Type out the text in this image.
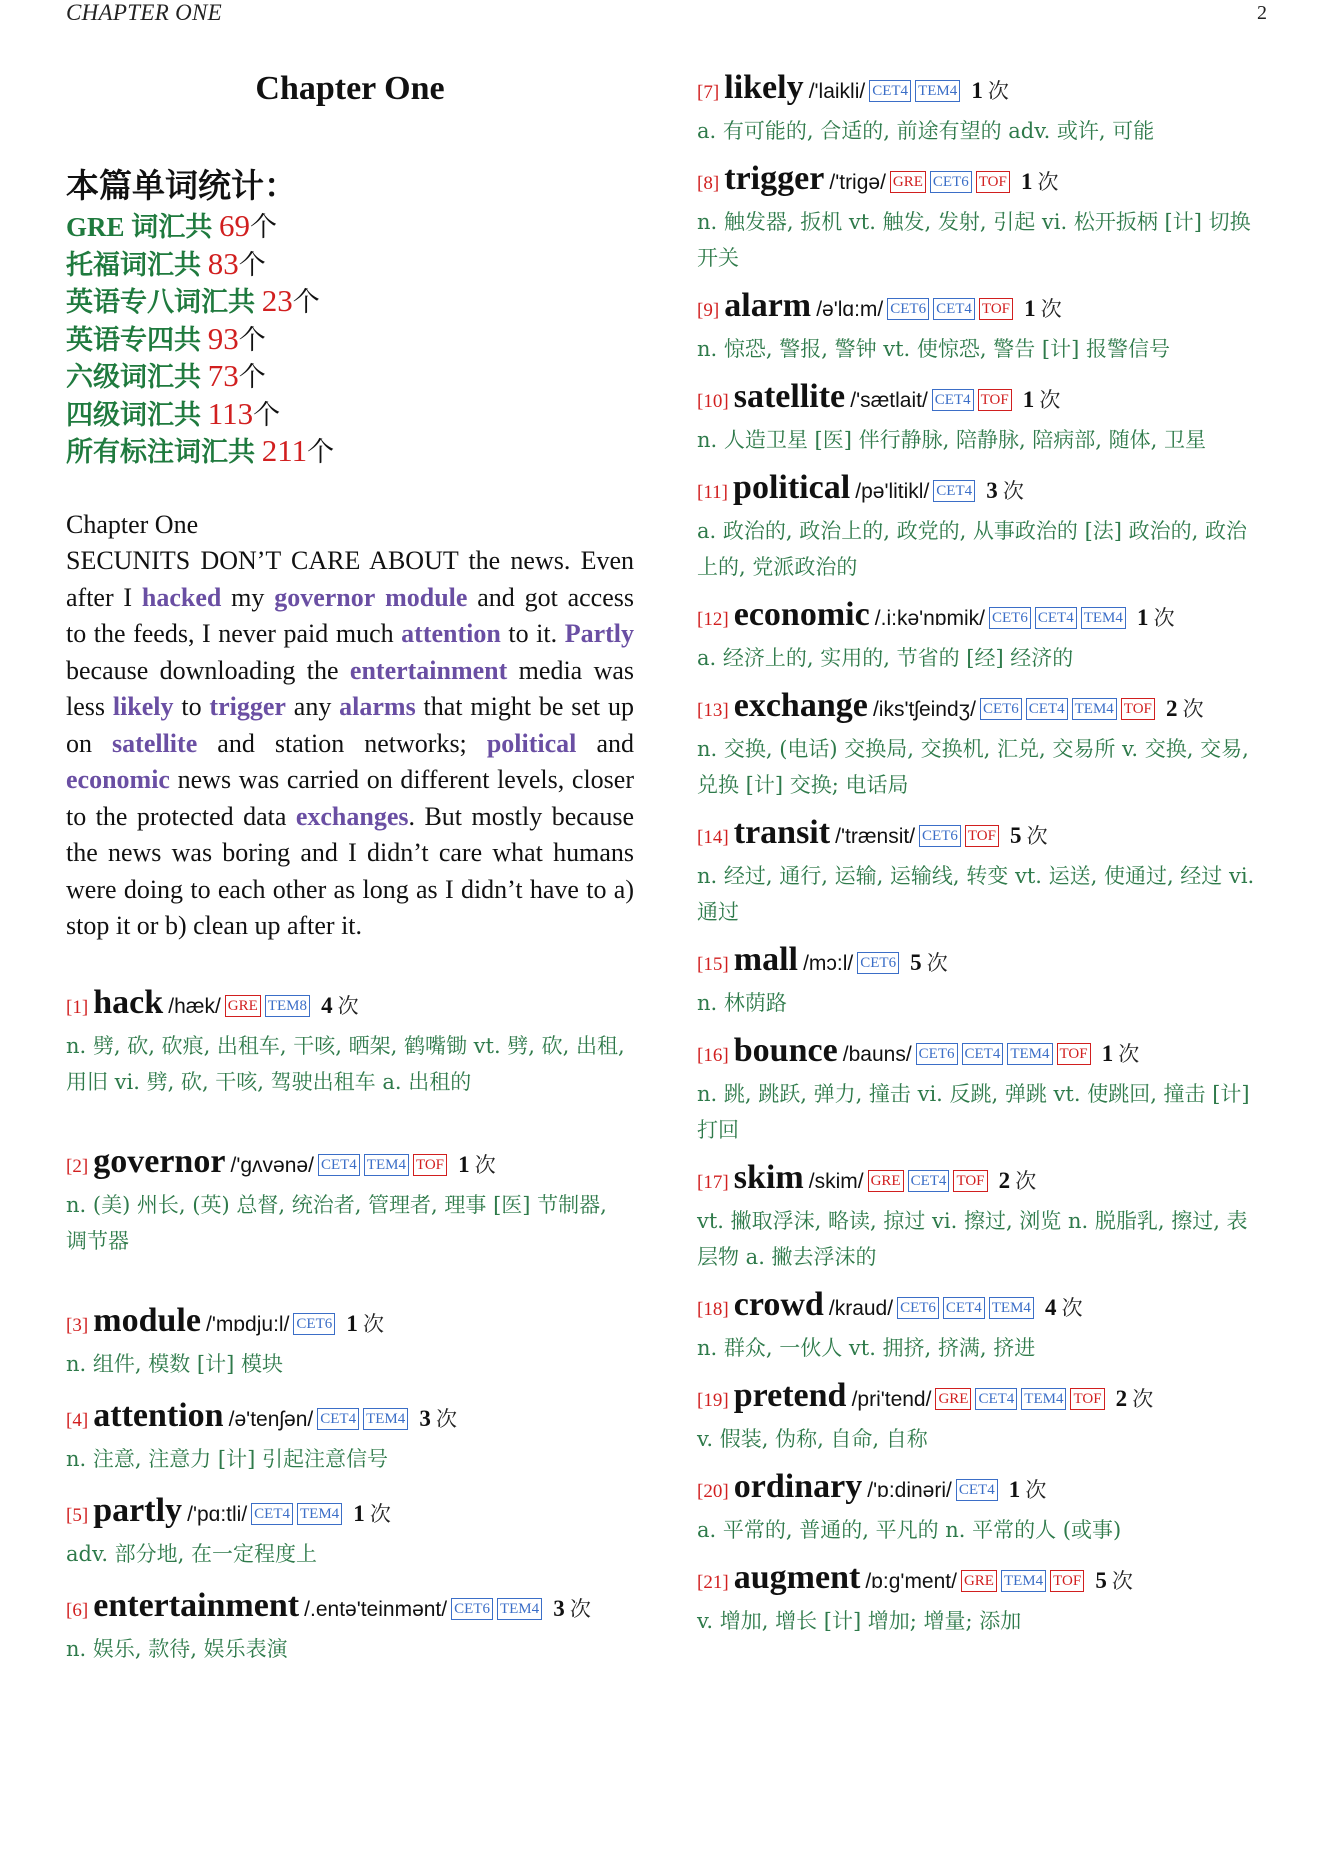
CHAPTER ONE	2
Chapter One
本篇单词统计：
GRE 词汇共 69个
托福词汇共 83个
英语专八词汇共 23个
英语专四共 93个
六级词汇共 73个
四级词汇共 113个
所有标注词汇共 211个
Chapter One
SECUNITS DON’T CARE ABOUT the news. Even after I hacked my governor module and got access to the feeds, I never paid much attention to it. Partly because downloading the entertainment media was less likely to trigger any alarms that might be set up on satellite and station networks; political and economic news was carried on different levels, closer to the protected data exchanges. But mostly because the news was boring and I didn’t care what humans were doing to each other as long as I didn’t have to a) stop it or b) clean up after it.
[1] hack /hæk/ GRE TEM8 4 次
n. 劈, 砍, 砍痕, 出租车, 干咳, 晒架, 鹤嘴锄 vt. 劈, 砍, 出租, 用旧 vi. 劈, 砍, 干咳, 驾驶出租车 a. 出租的
[2] governor /'gʌvənə/ CET4 TEM4 TOF 1 次
n. (美) 州长, (英) 总督, 统治者, 管理者, 理事 [医] 节制器, 调节器
[3] module /'mɒdju:l/ CET6 1 次
n. 组件, 模数 [计] 模块
[4] attention /ə'tenʃən/ CET4 TEM4 3 次
n. 注意, 注意力 [计] 引起注意信号
[5] partly /'pɑ:tli/ CET4 TEM4 1 次
adv. 部分地, 在一定程度上
[6] entertainment /.entə'teinmənt/ CET6 TEM4 3 次
n. 娱乐, 款待, 娱乐表演
[7] likely /'laikli/ CET4 TEM4 1 次
a. 有可能的, 合适的, 前途有望的 adv. 或许, 可能
[8] trigger /'trigə/ GRE CET6 TOF 1 次
n. 触发器, 扳机 vt. 触发, 发射, 引起 vi. 松开扳柄 [计] 切换开关
[9] alarm /ə'lɑ:m/ CET6 CET4 TOF 1 次
n. 惊恐, 警报, 警钟 vt. 使惊恐, 警告 [计] 报警信号
[10] satellite /'sætlait/ CET4 TOF 1 次
n. 人造卫星 [医] 伴行静脉, 陪静脉, 陪病部, 随体, 卫星
[11] political /pə'litikl/ CET4 3 次
a. 政治的, 政治上的, 政党的, 从事政治的 [法] 政治的, 政治上的, 党派政治的
[12] economic /.i:kə'nɒmik/ CET6 CET4 TEM4 1 次
a. 经济上的, 实用的, 节省的 [经] 经济的
[13] exchange /iks'tʃeindʒ/ CET6 CET4 TEM4 TOF 2 次
n. 交换, (电话) 交换局, 交换机, 汇兑, 交易所 v. 交换, 交易, 兑换 [计] 交换; 电话局
[14] transit /'trænsit/ CET6 TOF 5 次
n. 经过, 通行, 运输, 运输线, 转变 vt. 运送, 使通过, 经过 vi. 通过
[15] mall /mɔ:l/ CET6 5 次
n. 林荫路
[16] bounce /bauns/ CET6 CET4 TEM4 TOF 1 次
n. 跳, 跳跃, 弹力, 撞击 vi. 反跳, 弹跳 vt. 使跳回, 撞击 [计] 打回
[17] skim /skim/ GRE CET4 TOF 2 次
vt. 撇取浮沫, 略读, 掠过 vi. 擦过, 浏览 n. 脱脂乳, 擦过, 表层物 a. 撇去浮沫的
[18] crowd /kraud/ CET6 CET4 TEM4 4 次
n. 群众, 一伙人 vt. 拥挤, 挤满, 挤进
[19] pretend /pri'tend/ GRE CET4 TEM4 TOF 2 次
v. 假装, 伪称, 自命, 自称
[20] ordinary /'ɒ:dinəri/ CET4 1 次
a. 平常的, 普通的, 平凡的 n. 平常的人 (或事)
[21] augment /ɒ:g'ment/ GRE TEM4 TOF 5 次
v. 增加, 增长 [计] 增加; 增量; 添加
